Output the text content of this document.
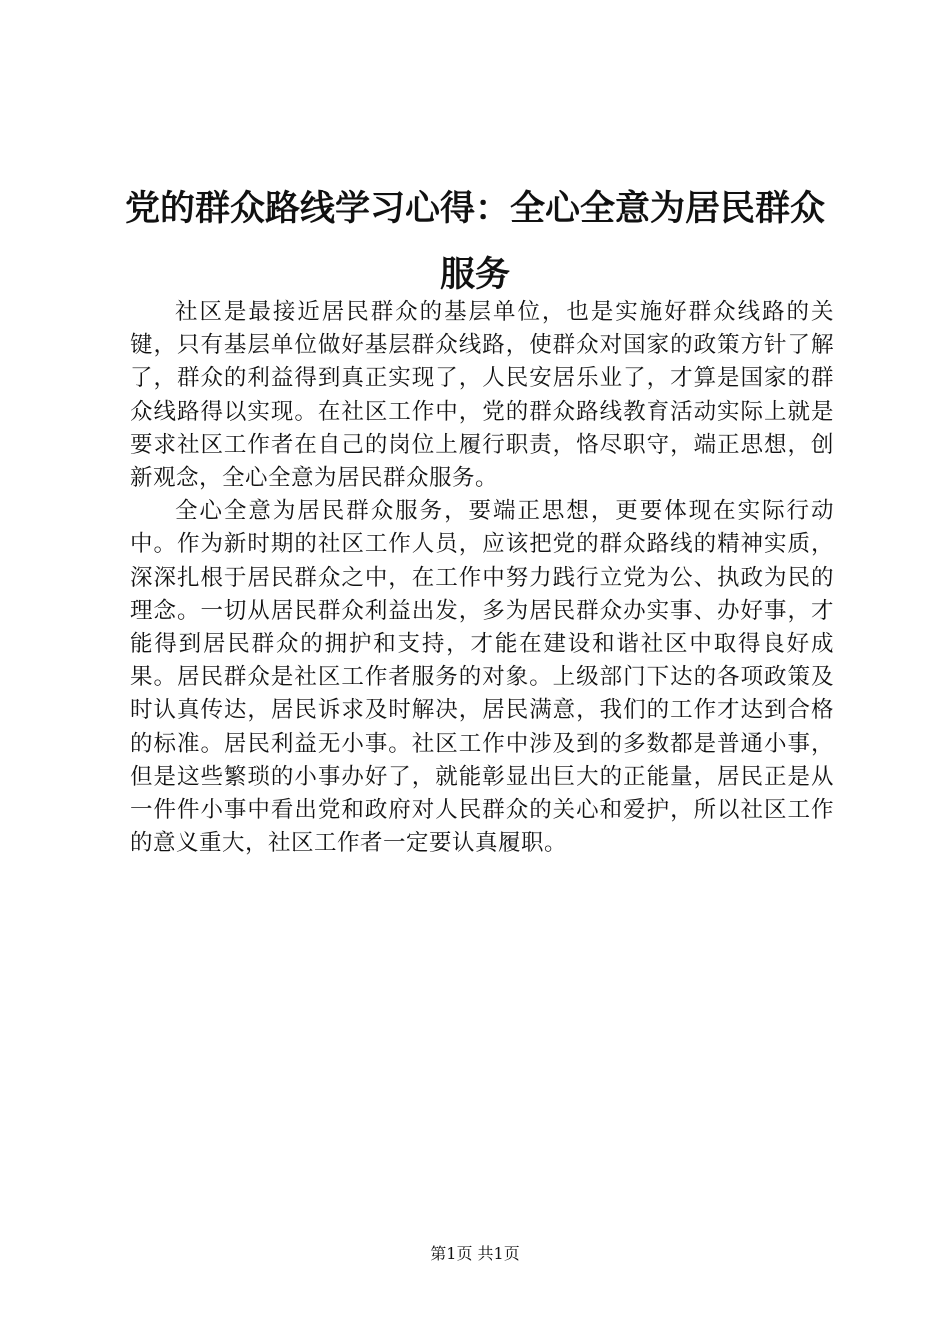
党的群众路线学习心得：全心全意为居民群众服务

社区是最接近居民群众的基层单位，也是实施好群众线路的关键，只有基层单位做好基层群众线路，使群众对国家的政策方针了解了，群众的利益得到真正实现了，人民安居乐业了，才算是国家的群众线路得以实现。在社区工作中，党的群众路线教育活动实际上就是要求社区工作者在自己的岗位上履行职责，恪尽职守，端正思想，创新观念，全心全意为居民群众服务。

全心全意为居民群众服务，要端正思想，更要体现在实际行动中。作为新时期的社区工作人员，应该把党的群众路线的精神实质，深深扎根于居民群众之中，在工作中努力践行立党为公、执政为民的理念。一切从居民群众利益出发，多为居民群众办实事、办好事，才能得到居民群众的拥护和支持，才能在建设和谐社区中取得良好成果。居民群众是社区工作者服务的对象。上级部门下达的各项政策及时认真传达，居民诉求及时解决，居民满意，我们的工作才达到合格的标准。居民利益无小事。社区工作中涉及到的多数都是普通小事，但是这些繁琐的小事办好了，就能彰显出巨大的正能量，居民正是从一件件小事中看出党和政府对人民群众的关心和爱护，所以社区工作的意义重大，社区工作者一定要认真履职。

第1页 共1页
